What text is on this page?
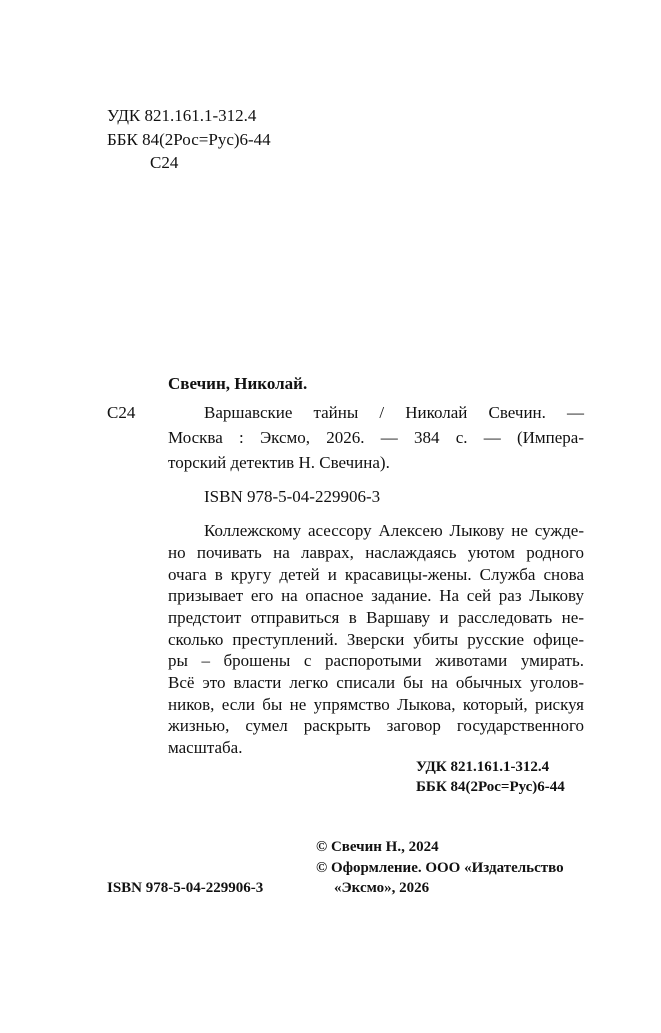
УДК 821.161.1-312.4
ББК 84(2Рос=Рус)6-44
С24
Свечин, Николай.
С24	Варшавские тайны / Николай Свечин. —
Москва : Эксмо, 2026. — 384 с. — (Импера-
торский детектив Н. Свечина).
ISBN 978-5-04-229906-3
Коллежскому асессору Алексею Лыкову не сужде-
но почивать на лаврах, наслаждаясь уютом родного
очага в кругу детей и красавицы-жены. Служба снова
призывает его на опасное задание. На сей раз Лыкову
предстоит отправиться в Варшаву и расследовать не-
сколько преступлений. Зверски убиты русские офице-
ры – брошены с распоротыми животами умирать.
Всё это власти легко списали бы на обычных уголов-
ников, если бы не упрямство Лыкова, который, рискуя
жизнью, сумел раскрыть заговор государственного
масштаба.
УДК 821.161.1-312.4
ББК 84(2Рос=Рус)6-44
© Свечин Н., 2024
© Оформление. ООО «Издательство
ISBN 978-5-04-229906-3	«Эксмо», 2026
